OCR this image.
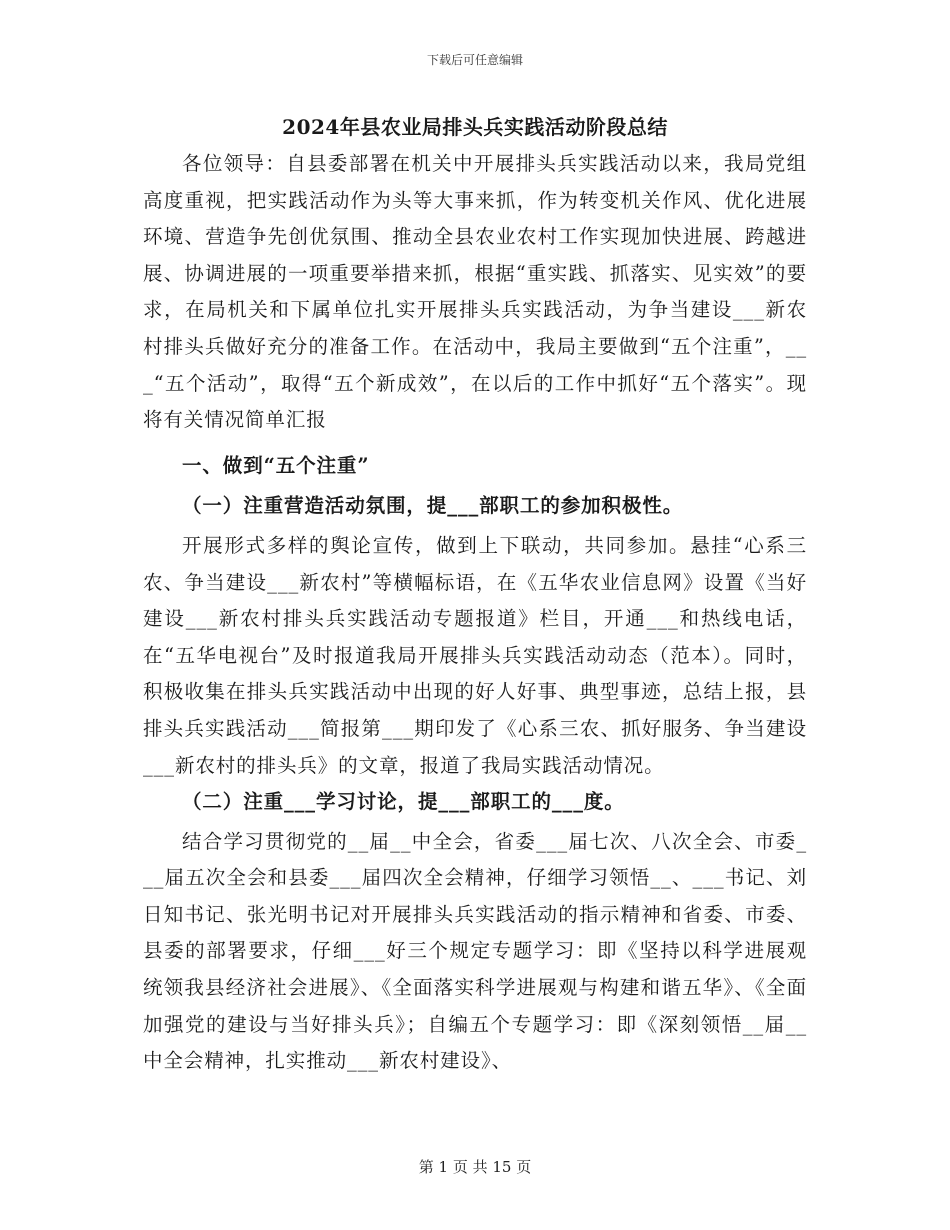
下载后可任意编辑
2024年县农业局排头兵实践活动阶段总结

各位领导：自县委部署在机关中开展排头兵实践活动以来，我局党组高度重视，把实践活动作为头等大事来抓，作为转变机关作风、优化进展环境、营造争先创优氛围、推动全县农业农村工作实现加快进展、跨越进展、协调进展的一项重要举措来抓，根据“重实践、抓落实、见实效”的要求，在局机关和下属单位扎实开展排头兵实践活动，为争当建设___新农村排头兵做好充分的准备工作。在活动中，我局主要做到“五个注重”，___“五个活动”，取得“五个新成效”，在以后的工作中抓好“五个落实”。现将有关情况简单汇报

一、做到“五个注重”

（一）注重营造活动氛围，提___部职工的参加积极性。

开展形式多样的舆论宣传，做到上下联动，共同参加。悬挂“心系三农、争当建设___新农村”等横幅标语，在《五华农业信息网》设置《当好建设___新农村排头兵实践活动专题报道》栏目，开通___和热线电话，在“五华电视台”及时报道我局开展排头兵实践活动动态（范本）。同时，积极收集在排头兵实践活动中出现的好人好事、典型事迹，总结上报，县排头兵实践活动___简报第___期印发了《心系三农、抓好服务、争当建设___新农村的排头兵》的文章，报道了我局实践活动情况。

（二）注重___学习讨论，提___部职工的___度。

结合学习贯彻党的__届__中全会，省委___届七次、八次全会、市委___届五次全会和县委___届四次全会精神，仔细学习领悟__、___书记、刘日知书记、张光明书记对开展排头兵实践活动的指示精神和省委、市委、县委的部署要求，仔细___好三个规定专题学习：即《坚持以科学进展观统领我县经济社会进展》、《全面落实科学进展观与构建和谐五华》、《全面加强党的建设与当好排头兵》；自编五个专题学习：即《深刻领悟__届__中全会精神，扎实推动___新农村建设》、

第 1 页 共 15 页
